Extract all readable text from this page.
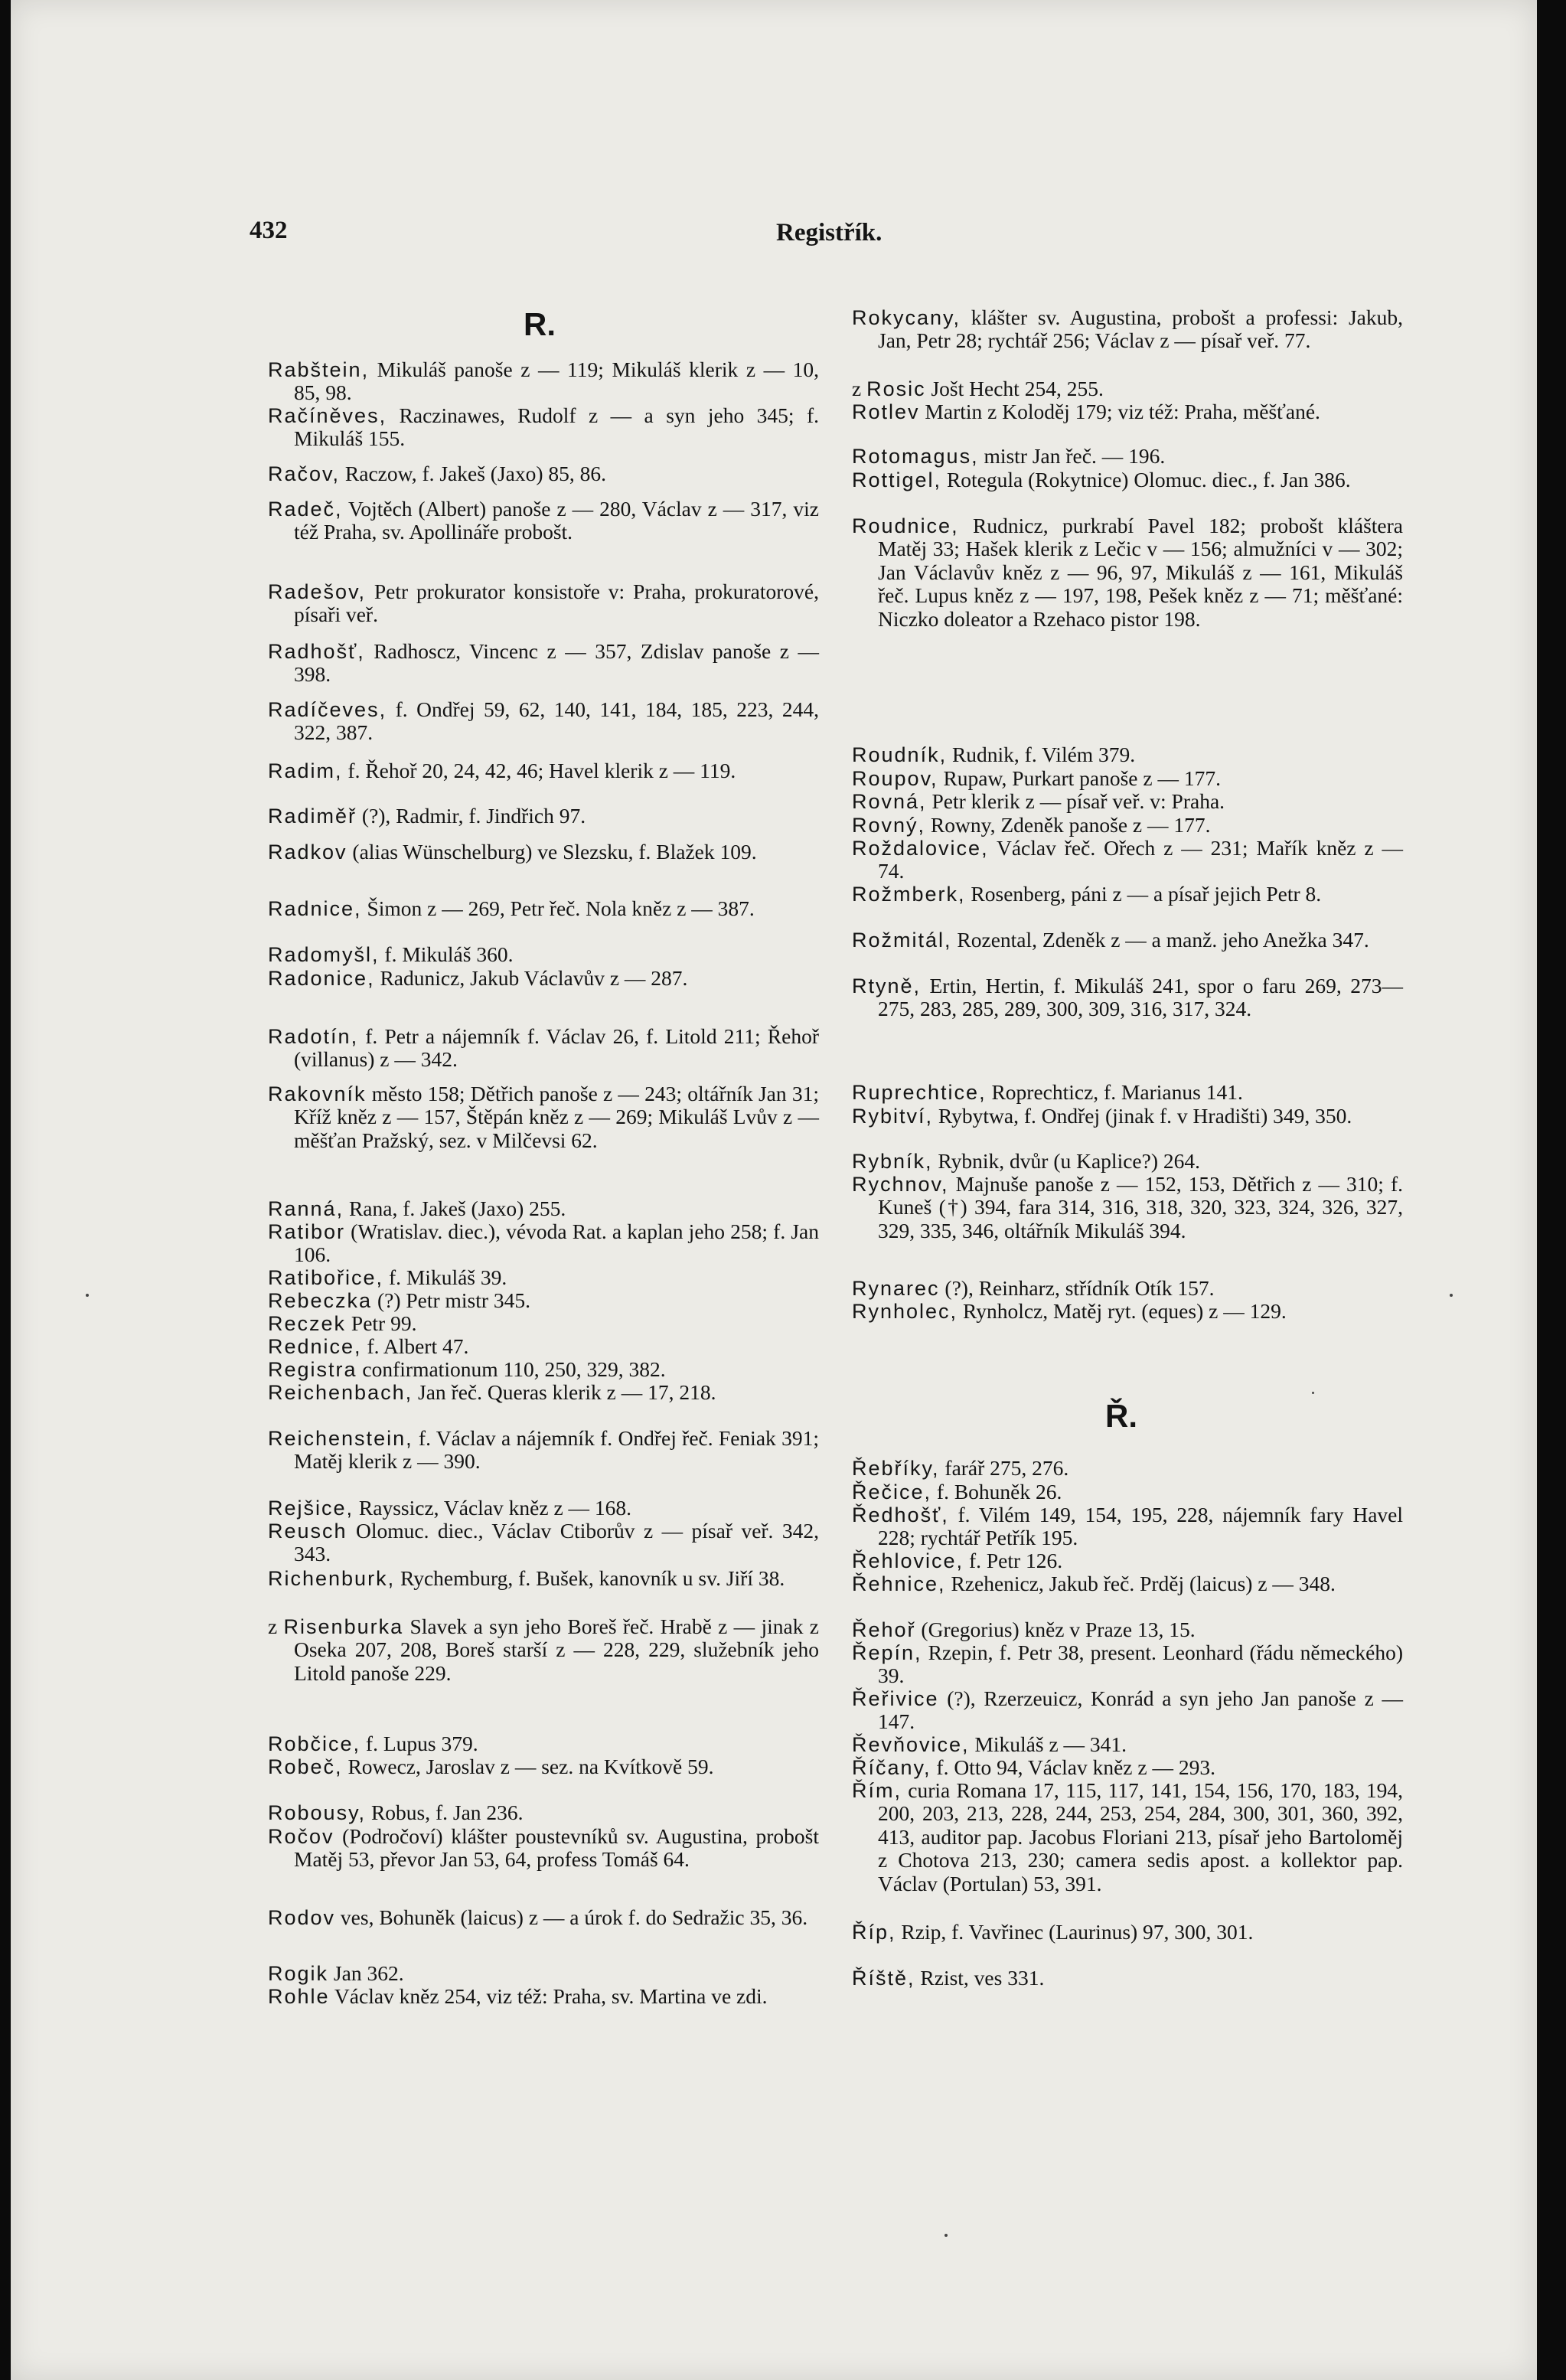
432	Registřík.
R.
Ř.
Rabštein, Mikuláš panoše z — 119; Mikuláš klerik z — 10, 85, 98.
Račíněves, Raczinawes, Rudolf z — a syn jeho 345; f. Mikuláš 155.
Račov, Raczow, f. Jakeš (Jaxo) 85, 86.
Radeč, Vojtěch (Albert) panoše z — 280, Václav z — 317, viz též Praha, sv. Apollináře probošt.
Radešov, Petr prokurator konsistoře v: Praha, prokuratorové, písaři veř.
Radhošť, Radhoscz, Vincenc z — 357, Zdislav panoše z — 398.
Radíčeves, f. Ondřej 59, 62, 140, 141, 184, 185, 223, 244, 322, 387.
Radim, f. Řehoř 20, 24, 42, 46; Havel klerik z — 119.
Radiměř (?), Radmir, f. Jindřich 97.
Radkov (alias Wünschelburg) ve Slezsku, f. Blažek 109.
Radnice, Šimon z — 269, Petr řeč. Nola kněz z — 387.
Radomyšl, f. Mikuláš 360.
Radonice, Radunicz, Jakub Václavův z — 287.
Radotín, f. Petr a nájemník f. Václav 26, f. Litold 211; Řehoř (villanus) z — 342.
Rakovník město 158; Dětřich panoše z — 243; oltářník Jan 31; Kříž kněz z — 157, Štěpán kněz z — 269; Mikuláš Lvův z — měšťan Pražský, sez. v Milčevsi 62.
Ranná, Rana, f. Jakeš (Jaxo) 255.
Ratibor (Wratislav. diec.), vévoda Rat. a kaplan jeho 258; f. Jan 106.
Ratibořice, f. Mikuláš 39.
Rebeczka (?) Petr mistr 345.
Reczek Petr 99.
Rednice, f. Albert 47.
Registra confirmationum 110, 250, 329, 382.
Reichenbach, Jan řeč. Queras klerik z — 17, 218.
Reichenstein, f. Václav a nájemník f. Ondřej řeč. Feniak 391; Matěj klerik z — 390.
Rejšice, Rayssicz, Václav kněz z — 168.
Reusch Olomuc. diec., Václav Ctiborův z — písař veř. 342, 343.
Richenburk, Rychemburg, f. Bušek, kanovník u sv. Jiří 38.
z Risenburka Slavek a syn jeho Boreš řeč. Hrabě z — jinak z Oseka 207, 208, Boreš starší z — 228, 229, služebník jeho Litold panoše 229.
Robčice, f. Lupus 379.
Robeč, Rowecz, Jaroslav z — sez. na Kvítkově 59.
Robousy, Robus, f. Jan 236.
Ročov (Področoví) klášter poustevníků sv. Augustina, probošt Matěj 53, převor Jan 53, 64, profess Tomáš 64.
Rodov ves, Bohuněk (laicus) z — a úrok f. do Sedražic 35, 36.
Rogik Jan 362.
Rohle Václav kněz 254, viz též: Praha, sv. Martina ve zdi.
Rokycany, klášter sv. Augustina, probošt a professi: Jakub, Jan, Petr 28; rychtář 256; Václav z — písař veř. 77.
z Rosic Jošt Hecht 254, 255.
Rotlev Martin z Koloděj 179; viz též: Praha, měšťané.
Rotomagus, mistr Jan řeč. — 196.
Rottigel, Rotegula (Rokytnice) Olomuc. diec., f. Jan 386.
Roudnice, Rudnicz, purkrabí Pavel 182; probošt kláštera Matěj 33; Hašek klerik z Lečic v — 156; almužníci v — 302; Jan Václavův kněz z — 96, 97, Mikuláš z — 161, Mikuláš řeč. Lupus kněz z — 197, 198, Pešek kněz z — 71; měšťané: Niczko doleator a Rzehaco pistor 198.
Roudník, Rudnik, f. Vilém 379.
Roupov, Rupaw, Purkart panoše z — 177.
Rovná, Petr klerik z — písař veř. v: Praha.
Rovný, Rowny, Zdeněk panoše z — 177.
Roždalovice, Václav řeč. Ořech z — 231; Mařík kněz z — 74.
Rožmberk, Rosenberg, páni z — a písař jejich Petr 8.
Rožmitál, Rozental, Zdeněk z — a manž. jeho Anežka 347.
Rtyně, Ertin, Hertin, f. Mikuláš 241, spor o faru 269, 273—275, 283, 285, 289, 300, 309, 316, 317, 324.
Ruprechtice, Roprechticz, f. Marianus 141.
Rybitví, Rybytwa, f. Ondřej (jinak f. v Hradišti) 349, 350.
Rybník, Rybnik, dvůr (u Kaplice?) 264.
Rychnov, Majnuše panoše z — 152, 153, Dětřich z — 310; f. Kuneš (†) 394, fara 314, 316, 318, 320, 323, 324, 326, 327, 329, 335, 346, oltářník Mikuláš 394.
Rynarec (?), Reinharz, střídník Otík 157.
Rynholec, Rynholcz, Matěj ryt. (eques) z — 129.
Řebříky, farář 275, 276.
Řečice, f. Bohuněk 26.
Ředhošť, f. Vilém 149, 154, 195, 228, nájemník fary Havel 228; rychtář Petřík 195.
Řehlovice, f. Petr 126.
Řehnice, Rzehenicz, Jakub řeč. Prděj (laicus) z — 348.
Řehoř (Gregorius) kněz v Praze 13, 15.
Řepín, Rzepin, f. Petr 38, present. Leonhard (řádu německého) 39.
Řeřivice (?), Rzerzeuicz, Konrád a syn jeho Jan panoše z — 147.
Řevňovice, Mikuláš z — 341.
Říčany, f. Otto 94, Václav kněz z — 293.
Řím, curia Romana 17, 115, 117, 141, 154, 156, 170, 183, 194, 200, 203, 213, 228, 244, 253, 254, 284, 300, 301, 360, 392, 413, auditor pap. Jacobus Floriani 213, písař jeho Bartoloměj z Chotova 213, 230; camera sedis apost. a kollektor pap. Václav (Portulan) 53, 391.
Říp, Rzip, f. Vavřinec (Laurinus) 97, 300, 301.
Říště, Rzist, ves 331.
